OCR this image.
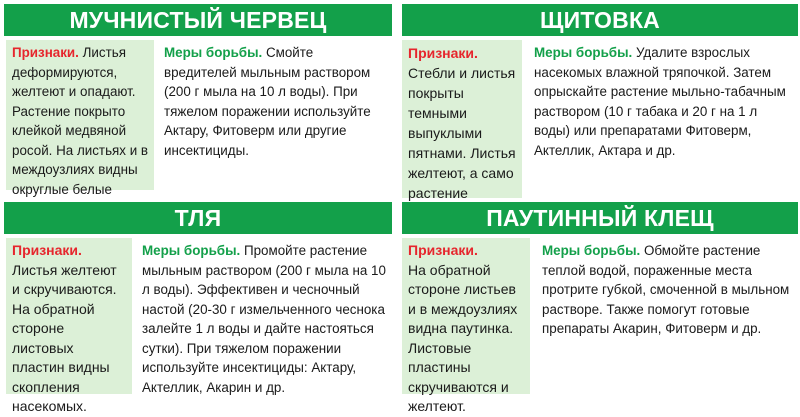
МУЧНИСТЫЙ ЧЕРВЕЦ
Признаки. Листья деформируются, желтеют и опадают. Растение покрыто клейкой медвяной росой. На листьях и в междоузлиях видны округлые белые
Меры борьбы. Смойте вредителей мыльным раствором (200 г мыла на 10 л воды). При тяжелом поражении используйте Актару, Фитоверм или другие инсектициды.
ЩИТОВКА
Признаки.
Стебли и листья покрыты темными выпуклыми пятнами. Листья желтеют, а само растение
Меры борьбы. Удалите взрослых насекомых влажной тряпочкой. Затем опрыскайте растение мыльно-табачным раствором (10 г табака и 20 г на 1 л воды) или препаратами Фитоверм, Актеллик, Актара и др.
ТЛЯ
Признаки.
Листья желтеют и скручиваются. На обратной стороне листовых пластин видны скопления насекомых.
Меры борьбы. Промойте растение мыльным раствором (200 г мыла на 10 л воды). Эффективен и чесночный настой (20-30 г измельченного чеснока залейте 1 л воды и дайте настояться сутки). При тяжелом поражении используйте инсектициды: Актару, Актеллик, Акарин и др.
ПАУТИННЫЙ КЛЕЩ
Признаки.
На обратной стороне листьев и в междоузлиях видна паутинка. Листовые пластины скручиваются и желтеют.
Меры борьбы. Обмойте растение теплой водой, пораженные места протрите губкой, смоченной в мыльном растворе. Также помогут готовые препараты Акарин, Фитоверм и др.
